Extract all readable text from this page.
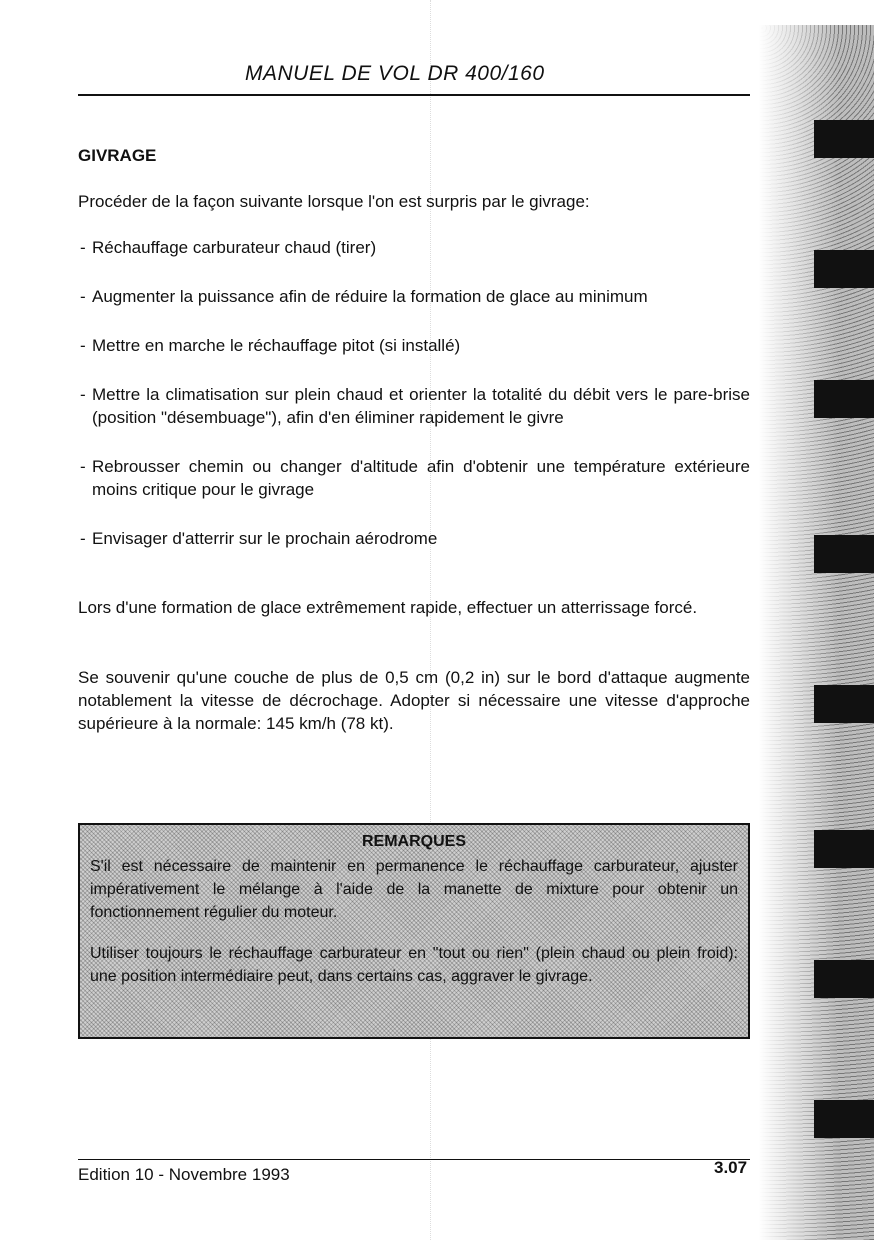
MANUEL DE VOL DR 400/160
GIVRAGE
Procéder de la façon suivante lorsque l'on est surpris par le givrage:
- Réchauffage carburateur chaud (tirer)
- Augmenter la puissance afin de réduire la formation de glace au minimum
- Mettre en marche le réchauffage pitot (si installé)
- Mettre la climatisation sur plein chaud et orienter la totalité du débit vers le pare-brise (position "désembuage"), afin d'en éliminer rapidement le givre
- Rebrousser chemin ou changer d'altitude afin d'obtenir une température extérieure moins critique pour le givrage
- Envisager d'atterrir sur le prochain aérodrome
Lors d'une formation de glace extrêmement rapide, effectuer un atterrissage forcé.
Se souvenir qu'une couche de plus de 0,5 cm (0,2 in) sur le bord d'attaque augmente notablement la vitesse de décrochage. Adopter si nécessaire une vitesse d'approche supérieure à la normale: 145 km/h (78 kt).
REMARQUES

S'il est nécessaire de maintenir en permanence le réchauffage carburateur, ajuster impérativement le mélange à l'aide de la manette de mixture pour obtenir un fonctionnement régulier du moteur.

Utiliser toujours le réchauffage carburateur en "tout ou rien" (plein chaud ou plein froid): une position intermédiaire peut, dans certains cas, aggraver le givrage.

Edition 10 - Novembre 1993	3.07
